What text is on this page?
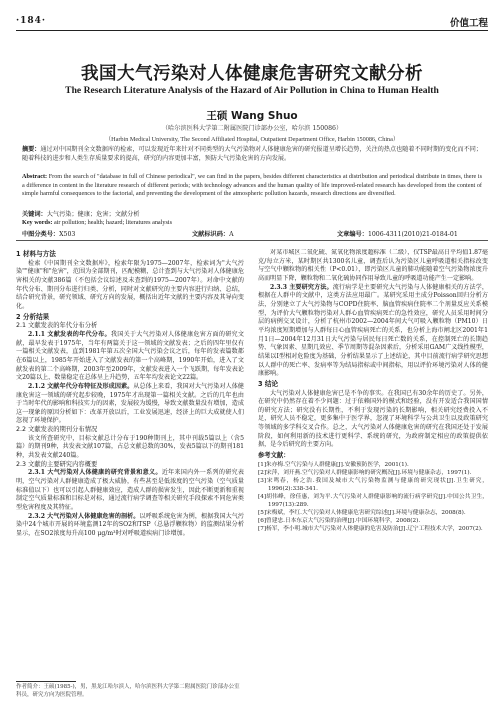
·184·	价值工程
我国大气污染对人体健康危害研究文献分析
The Research Literature Analysis of the Hazard of Air Pollution in China to Human Health
王硕 Wang Shuo
（哈尔滨医科大学第二附属医院门诊部办公室，哈尔滨 150086）
（Harbin Medical University, The Second Affiliated Hospital, Outpatient Department Office, Harbin 150086, China）
摘要：通过对中国期刊全文数据库的检索，可以发现近年来针对不同类型的大气污染物对人体健康危害的研究报道呈增长趋势，关注的热点也随着不同时期的变化而不同；随着科技的进步和人类生存质量要求的提高，研究的内容更加丰富，预防大气污染危害的方向发展。
Abstract: From the search of "database in full of Chinese periodical", we can find in the papers, besides different characteristics at distribution and periodical distribute in times, there is a difference in content in the literature research of different periods; with technology advances and the human quality of life improved-related research has developed from the content of simple harmful consequences to the factorial, and preventing the development of the atmospheric pollution hazards, research directions are diversified.
关键词：大气污染；健康；危害；文献分析
Key words: air pollution; health; hazard; literatures analysis
中图分类号：X503	文献标识码：A	文章编号：1006-4311(2010)21-0184-01

1 材料与方法

检索《中国期刊全文数据库》，检索年限为1975—2007年，检索词为"大气污染""健康"和"危害"，范围为全部期刊，匹配模糊，总计查到与大气污染对人体健康危害相关的文献386篇（不包括会议综述及未查到的1975—2007年）。对命中文献的年代分布、期刊分布进行归类、分析，同时对文献研究的主要内容进行归纳、总结，结合研究背景，研究领域、研究方向的发展，概括出近年文献的主要内容及其导向变化。

2 分析结果

2.1 文献发表的年代分布分析

2.1.1 文献发表的年代分布。我国关于大气污染对人体健康危害方面的研究文献，最早发表于1975年，当年有两篇关于这一领域的文献发表；之后的四年里仅有一篇相关文献发表，直到1981年第五次全国大气污染会议之后，每年的发表篇数都在6篇以上，1985年开始进入了文献发表的第一个高峰期，1990年开始，进入了文献发表的第二个高峰期，2003年至2009年，文献发表进入一个飞跃期，每年发表论文20篇以上，数量稳定在总体呈上升趋势，五年年均发表论文22篇。

2.1.2 文献年代分布特征及形成因素。从总体上来看，我国对大气污染对人体健康危害这一领域的研究起步较晚，1975年才出现第一篇相关文献。之后的几年也由于当时年代的影响和科技实力的因素，发展较为缓慢，导致文献数量没有增加，造成这一现象的原因分析如下：改革开放以后，工业发展迅速，经济上的巨大成就使人们忽视了环境保护。

2.2 文献发表的期刊分布情况

该文所查研究中，目标文献总计分布于190种期刊上，其中刊载5篇以上（含5篇）的期刊9种，共发表文献107篇，占总文献总数的30%，发表5篇以下的期刊181种，共发表文献240篇。

2.3 文献的主要研究内容概要

2.3.1 大气污染对人体健康的研究背景和意义。近年来国内外一系列的研究表明，空气污染对人群健康造成了极大威胁，有些甚至是低浓度的空气污染（空气质量标准值以下）也可以引起人群健康效应，造成人群的损害发生，因此不断更新和重视制定空气质量标准和目标是对标，通过流行病学调查等相关研究手段探索不同危害类型危害程度及其特征。

2.3.2 大气污染对人体健康危害的剖析。以呼吸系统危害为例，根据我国大气污染中24个城市开展的环境监测12年的SO2和TSP（总悬浮颗粒物）的监测结果分析显示，在SO2浓度每升高100 μg/m³时对呼吸道疾病门诊增加。

对某市城区二氧化硫、氮氧化物浓度超标准（二级），仅TSP最高日平均值1.87毫克/每立方米，某时期区共1300名儿童，调查后认为污染区儿童呼吸道相关指标改变与空气中颗粒物的相关性（P<0.01），即污染区儿童的肺功能随着空气污染物浓度升高而明显下降，颗粒物和二氧化硫协同作用导致儿童的呼吸道功能产生一定影响。

2.3.3 主要研究方法。流行病学是主要研究大气污染与人体健康相关的方法学，根据在人群中的文献中，这类方法应用最广。某研究采用主成分Poisson回归分析方法，分别建立了大气污染物与COPD住院率、脑血管疾病住院率二个剂量反应关系模型，为评价大气颗粒物污染对人群心血管疾病死亡的急性效应，研究人员采用时间分层的病例交叉设计，分析了杭州市2002—2004年间大气可吸入颗粒物（PM10）日平均浓度短期增加与人群每日心血管疾病死亡的关系，也分析上海市闸北区2001年1月1日—2004年12月31日大气污染与居民每日死亡数的关系，在控制死亡的长期趋势、气象因素、星期几效应、季节周期等混杂因素后，分析采用GAM广义线性模型，结果以Ⅰ型相对危险度为基础，分析结果显示了上述结论，其中目前流行病学研究思想以人群中的死亡率、发病率等为结局指标或中间指标，用以评价环境污染对人体的健康影响。

3 结论

大气污染对人体健康危害已是不争的事实。在我国已有30余年的历史了。另外，在研究中仍然存在着不少问题：过于依赖国外的模式和经验，没有开发适合我国国情的研究方法；研究没有长期性，不利于发现污染的长期影响，相关研究经费投入不足，研究人员不稳定，更多集中于医学界，忽视了环境科学与公共卫生以及政策研究等领域的多学科交叉合作。总之，大气污染对人体健康危害的研究在我国还处于发展阶段，如何利用新的技术进行更科学、系统的研究，为政府制定相应的政策提供依据，是今后研究的主要方向。

参考文献：

[1]朱亦梅.空气污染与人群健康[J].安徽预防医学，2001(1).

[2]宋萍，刘开燕.空气污染对人群健康影响的研究概况[J].环境与健康杂志，1997(1).

[3]宋鸣春，杨之浩.我国及城市大气污染物监测与健康的研究现状[J].卫生研究，1996(2):338-341.

[4]胡伟峰，徐佳惠，刘为平.大气污染对人群健康影响的流行病学研究[J].中国公共卫生，1997(13):289.

[5]宋梅斌，李红.大气污染对人体健康危害研究综述[J].环境与健康杂志，2008(8).

[6]曾建忠.日本东京大气污染的治理[J].中国环境科学，2008(2).

[7]杨军，李小明.城市大气污染对人体健康的危害及防治[J].辽宁工程技术大学，2007(2).

作者简介：王硕(1985-)，男，黑龙江哈尔滨人，哈尔滨医科大学第二附属医院门诊部办公室科员，研究方向为医院管理。
